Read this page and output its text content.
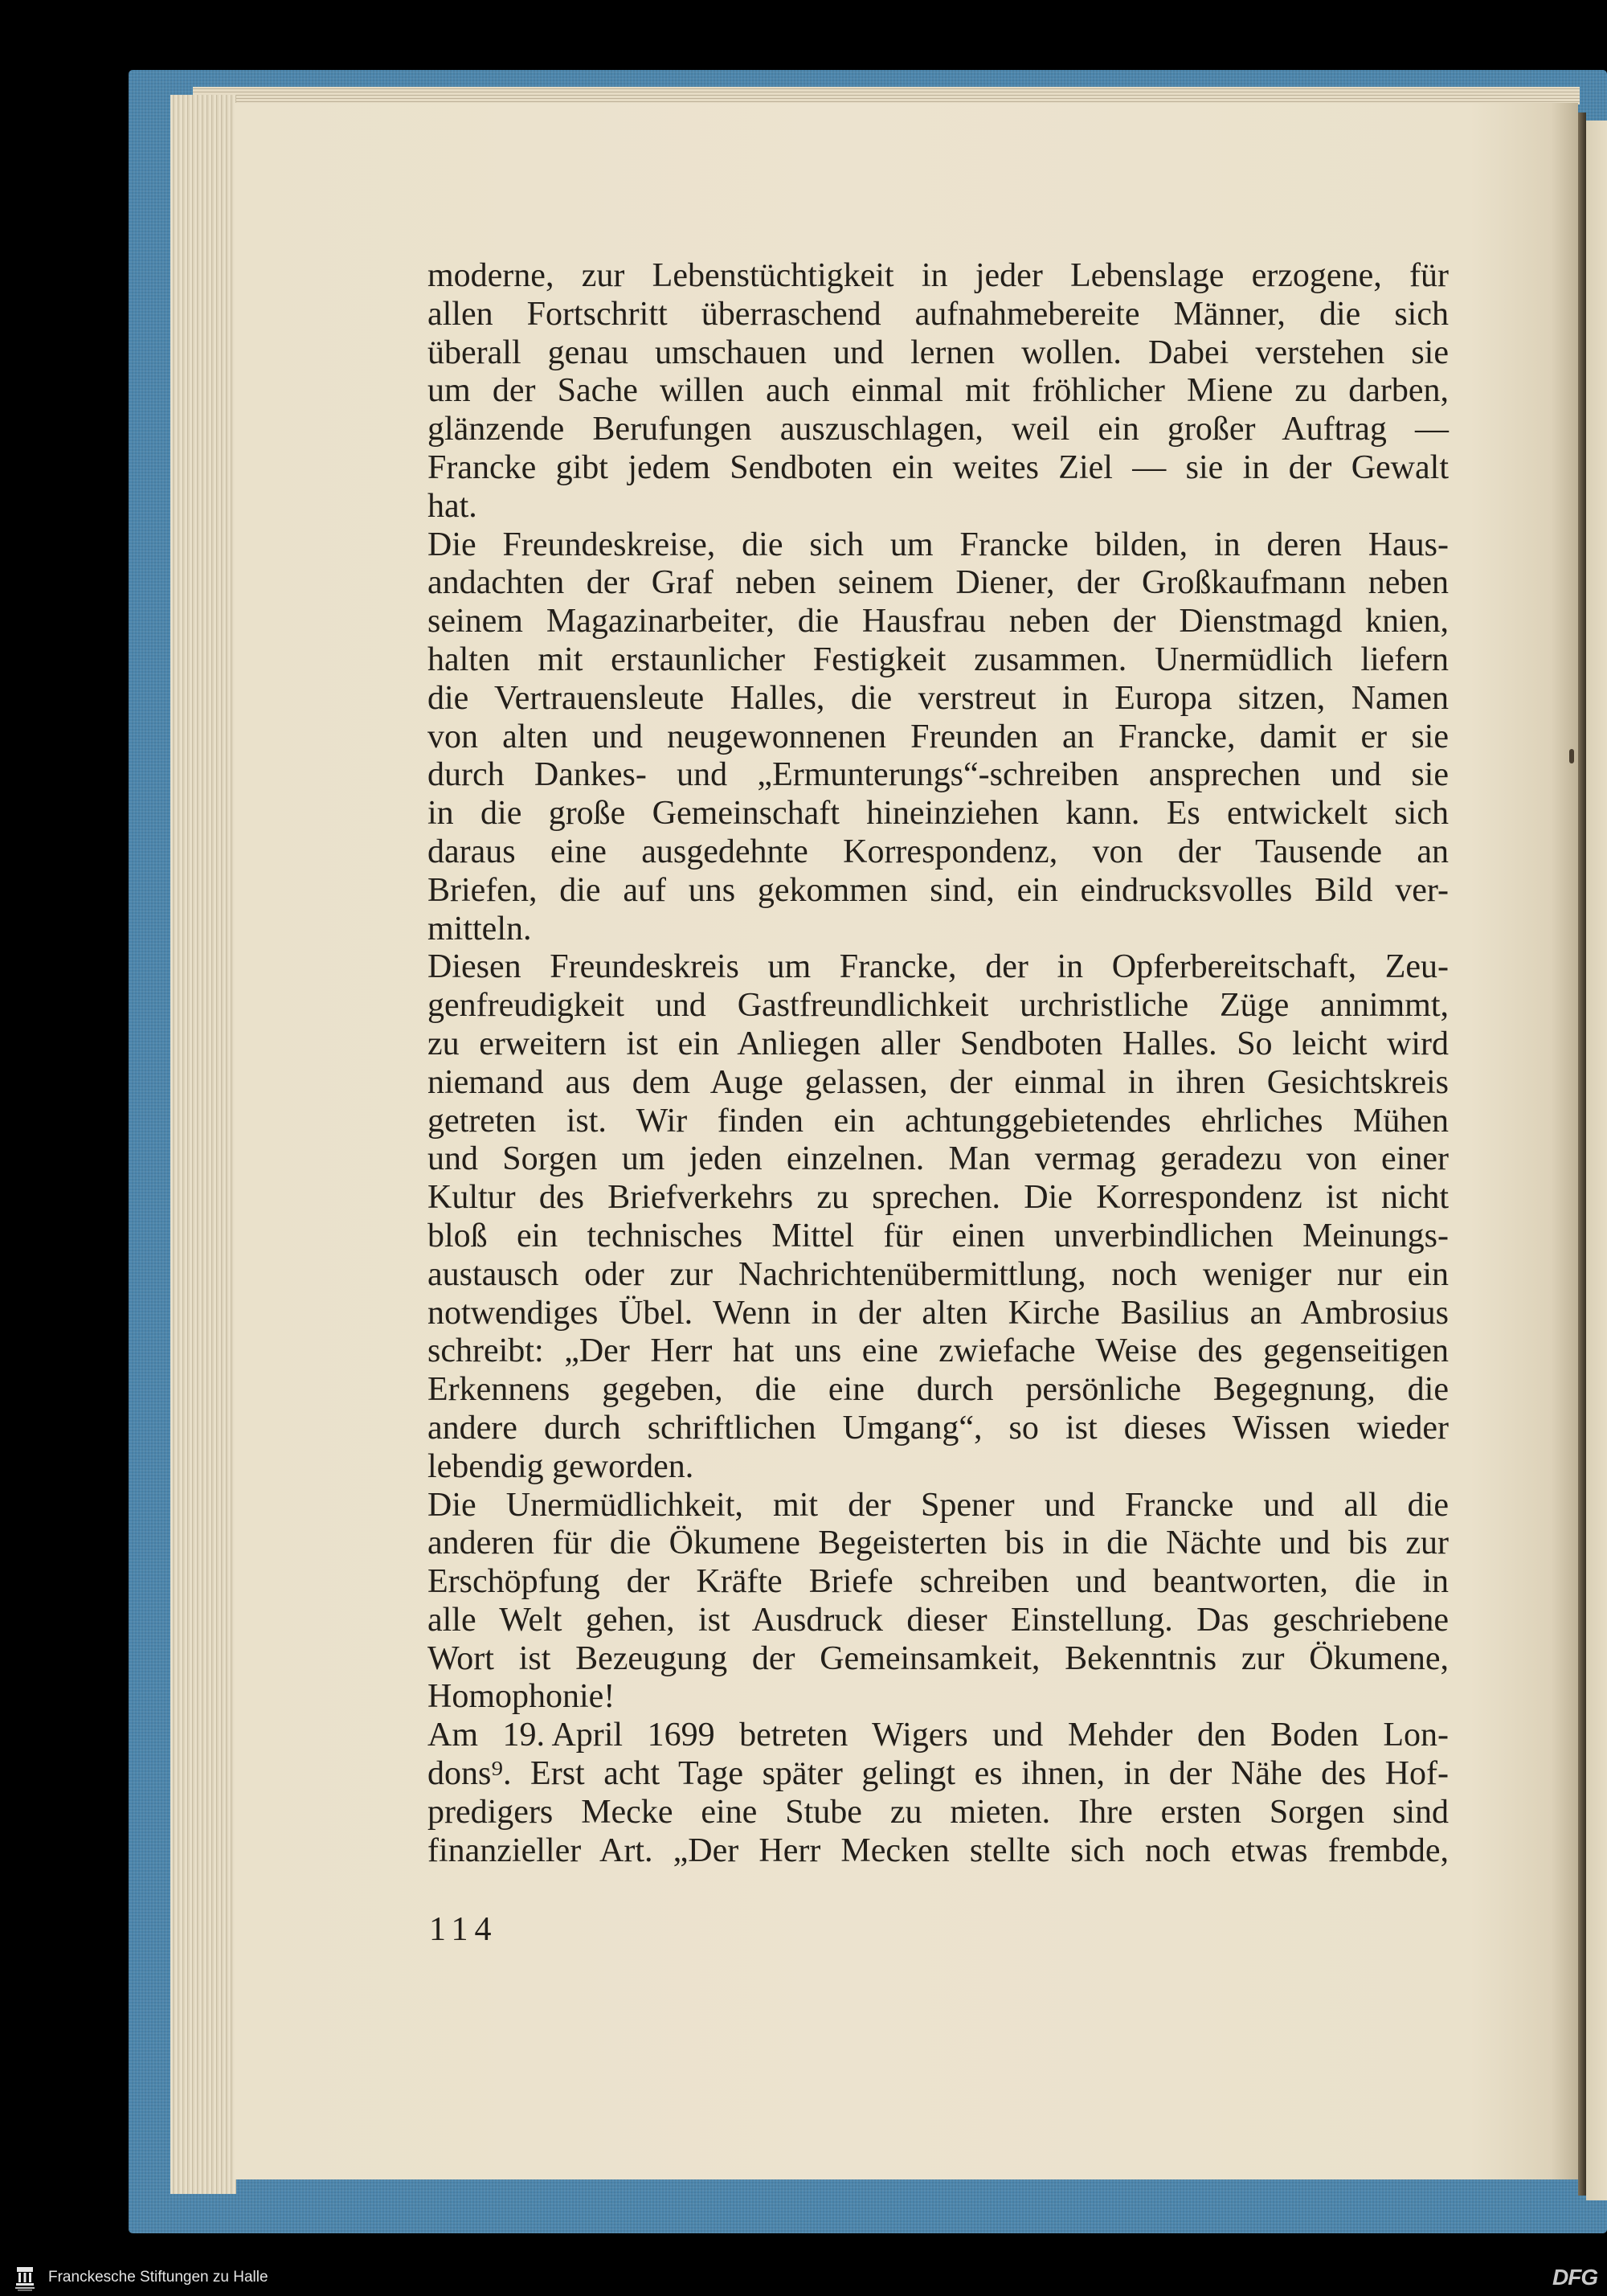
moderne, zur Lebenstüchtigkeit in jeder Lebenslage erzogene, für
allen Fortschritt überraschend aufnahmebereite Männer, die sich
überall genau umschauen und lernen wollen. Dabei verstehen sie
um der Sache willen auch einmal mit fröhlicher Miene zu darben,
glänzende Berufungen auszuschlagen, weil ein großer Auftrag —
Francke gibt jedem Sendboten ein weites Ziel — sie in der Gewalt
hat.
Die Freundeskreise, die sich um Francke bilden, in deren Haus-
andachten der Graf neben seinem Diener, der Großkaufmann neben
seinem Magazinarbeiter, die Hausfrau neben der Dienstmagd knien,
halten mit erstaunlicher Festigkeit zusammen. Unermüdlich liefern
die Vertrauensleute Halles, die verstreut in Europa sitzen, Namen
von alten und neugewonnenen Freunden an Francke, damit er sie
durch Dankes- und „Ermunterungs“-schreiben ansprechen und sie
in die große Gemeinschaft hineinziehen kann. Es entwickelt sich
daraus eine ausgedehnte Korrespondenz, von der Tausende an
Briefen, die auf uns gekommen sind, ein eindrucksvolles Bild ver-
mitteln.
Diesen Freundeskreis um Francke, der in Opferbereitschaft, Zeu-
genfreudigkeit und Gastfreundlichkeit urchristliche Züge annimmt,
zu erweitern ist ein Anliegen aller Sendboten Halles. So leicht wird
niemand aus dem Auge gelassen, der einmal in ihren Gesichtskreis
getreten ist. Wir finden ein achtunggebietendes ehrliches Mühen
und Sorgen um jeden einzelnen. Man vermag geradezu von einer
Kultur des Briefverkehrs zu sprechen. Die Korrespondenz ist nicht
bloß ein technisches Mittel für einen unverbindlichen Meinungs-
austausch oder zur Nachrichtenübermittlung, noch weniger nur ein
notwendiges Übel. Wenn in der alten Kirche Basilius an Ambrosius
schreibt: „Der Herr hat uns eine zwiefache Weise des gegenseitigen
Erkennens gegeben, die eine durch persönliche Begegnung, die
andere durch schriftlichen Umgang“, so ist dieses Wissen wieder
lebendig geworden.
Die Unermüdlichkeit, mit der Spener und Francke und all die
anderen für die Ökumene Begeisterten bis in die Nächte und bis zur
Erschöpfung der Kräfte Briefe schreiben und beantworten, die in
alle Welt gehen, ist Ausdruck dieser Einstellung. Das geschriebene
Wort ist Bezeugung der Gemeinsamkeit, Bekenntnis zur Ökumene,
Homophonie!
Am 19. April 1699 betreten Wigers und Mehder den Boden Lon-
dons⁹. Erst acht Tage später gelingt es ihnen, in der Nähe des Hof-
predigers Mecke eine Stube zu mieten. Ihre ersten Sorgen sind
finanzieller Art. „Der Herr Mecken stellte sich noch etwas frembde,
114
Franckesche Stiftungen zu Halle	DFG
